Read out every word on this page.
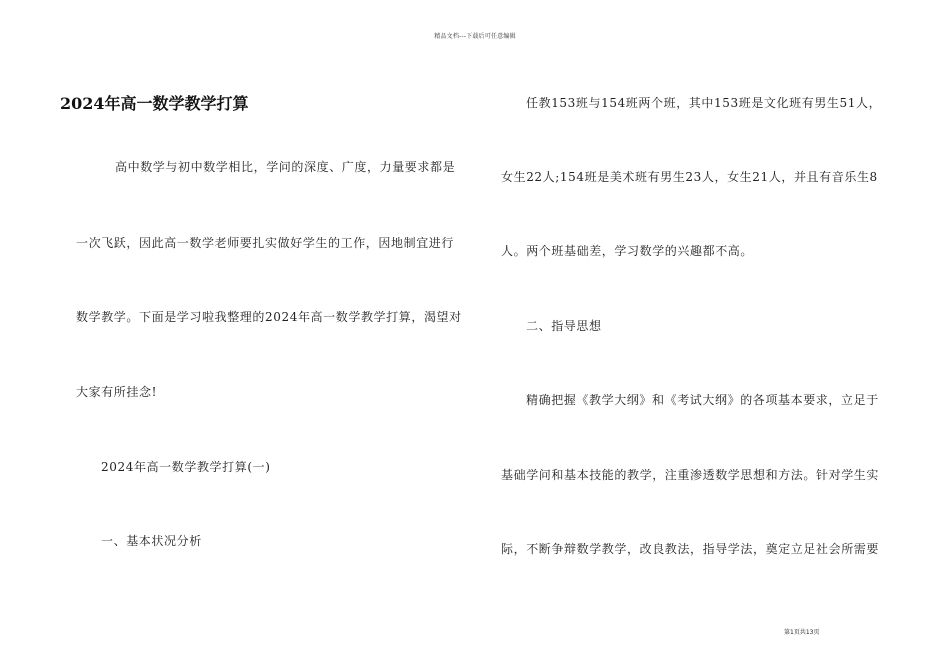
精品文档---下载后可任意编辑
2024年高一数学教学打算
高中数学与初中数学相比，学问的深度、广度，力量要求都是
一次飞跃，因此高一数学老师要扎实做好学生的工作，因地制宜进行
数学教学。下面是学习啦我整理的2024年高一数学教学打算，渴望对
大家有所挂念!
2024年高一数学教学打算(一)
一、基本状况分析
任教153班与154班两个班，其中153班是文化班有男生51人，
女生22人;154班是美术班有男生23人，女生21人，并且有音乐生8
人。两个班基础差，学习数学的兴趣都不高。
二、指导思想
精确把握《教学大纲》和《考试大纲》的各项基本要求，立足于
基础学问和基本技能的教学，注重渗透数学思想和方法。针对学生实
际，不断争辩数学教学，改良教法，指导学法，奠定立足社会所需要
第1页共13页
